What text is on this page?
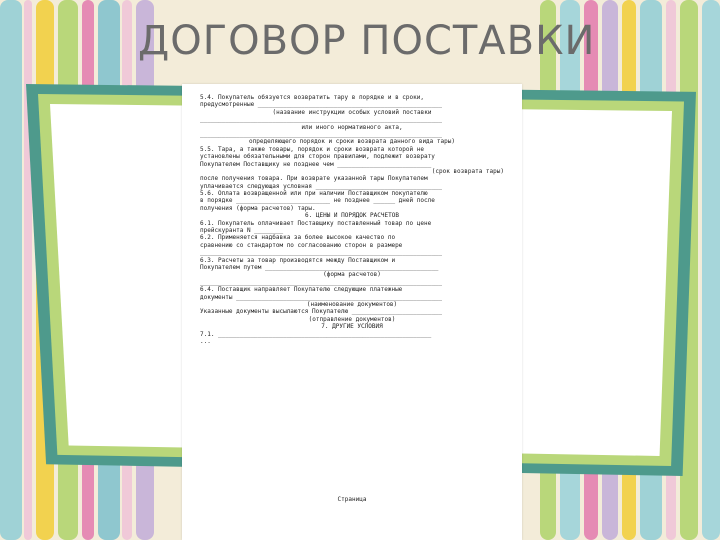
ДОГОВОР ПОСТАВКИ
5.4. Покупатель обязуется возвратить тару в порядке и в сроки,
предусмотренные ___________________________________________________
(название инструкции особых условий поставки
___________________________________________________________________
или иного нормативного акта,
___________________________________________________________________
определяющего порядок и сроки возврата данного вида тары)
5.5. Тара, а также товары, порядок и сроки возврата которой не
установлены обязательными для сторон правилами, подлежит возврату
Покупателем Поставщику не позднее чем __________________________
(срок возврата тары)
после получения товара. При возврате указанной тары Покупателем
уплачивается следующая условная ___________________________________
5.6. Оплата возвращенной или при наличии Поставщиком покупателю
в порядке __________________________ не позднее ______ дней после
получения (форма расчетов) тары.
6. ЦЕНЫ И ПОРЯДОК РАСЧЕТОВ
6.1. Покупатель оплачивает Поставщику поставленный товар по цене
прейскуранта N ________
6.2. Применяется надбавка за более высокое качество по
сравнению со стандартом по согласованию сторон в размере
___________________________________________________________________
6.3. Расчеты за товар производятся между Поставщиком и
Покупателем путем ________________________________________________
(форма расчетов)
___________________________________________________________________
6.4. Поставщик направляет Покупателю следующие платежные
документы _________________________________________________________
(наименование документов)
Указанные документы высылаются Покупателю _________________________
(отправление документов)
7. ДРУГИЕ УСЛОВИЯ
7.1. ___________________________________________________________
...
Страница
